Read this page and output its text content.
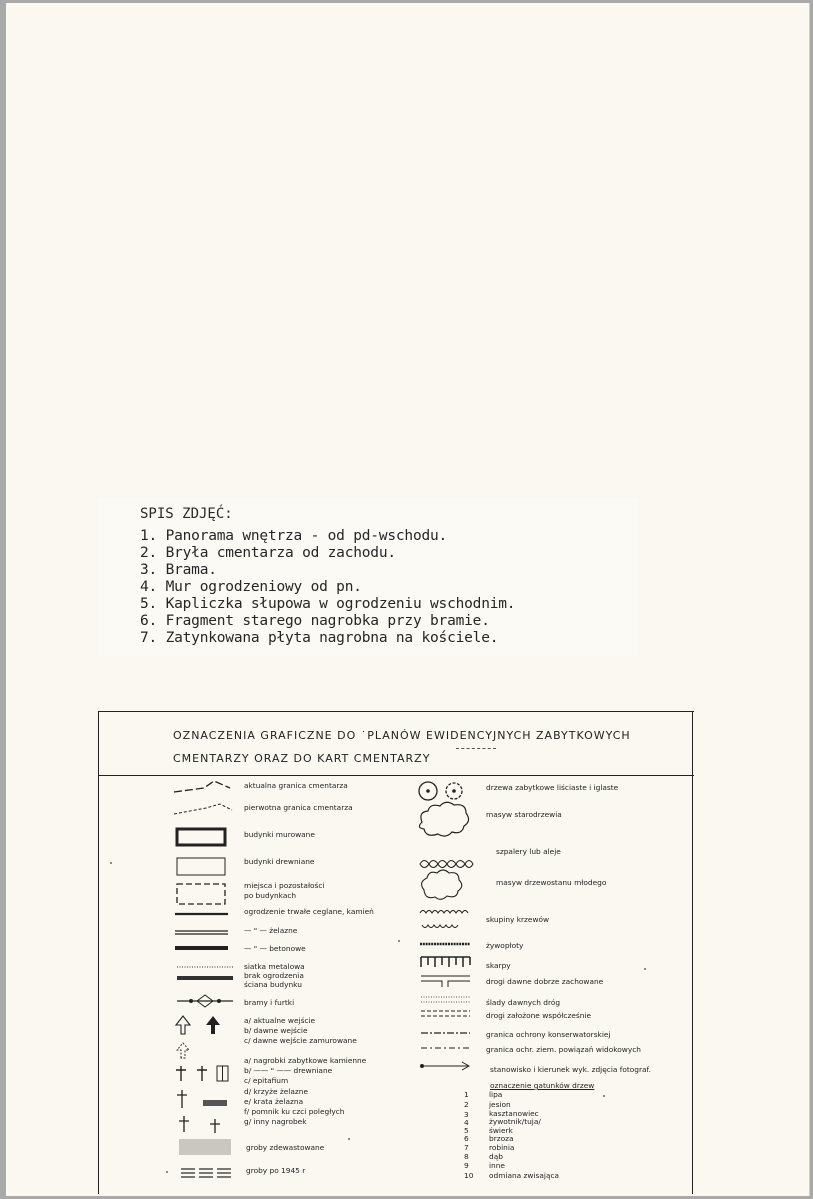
SPIS ZDJĘĆ:
1. Panorama wnętrza - od pd-wschodu.
2. Bryła cmentarza od zachodu.
3. Brama.
4. Mur ogrodzeniowy od pn.
5. Kapliczka słupowa w ogrodzeniu wschodnim.
6. Fragment starego nagrobka przy bramie.
7. Zatynkowana płyta nagrobna na kościele.
OZNACZENIA GRAFICZNE DO ˙PLANÓW EWIDENCYJNYCH ZABYTKOWYCH
CMENTARZY ORAZ DO KART CMENTARZY
aktualna granica cmentarza
pierwotna granica cmentarza
budynki murowane
budynki drewniane
miejsca i pozostałości
po budynkach
ogrodzenie trwałe ceglane, kamień
— " — żelazne
— " — betonowe
siatka metalowa
brak ogrodzenia
ściana budynku
bramy i furtki
a/ aktualne wejście
b/ dawne wejście
c/ dawne wejście zamurowane
a/ nagrobki zabytkowe kamienne
b/ —— " —— drewniane
c/ epitafium
d/ krzyże żelazne
e/ krata żelazna
f/ pomnik ku czci poległych
g/ inny nagrobek
groby zdewastowane
groby po 1945 r
drzewa zabytkowe liściaste i iglaste
masyw starodrzewia
szpalery lub aleje
masyw drzewostanu młodego
skupiny krzewów
żywopłoty
skarpy
drogi dawne dobrze zachowane
ślady dawnych dróg
drogi założone współcześnie
granica ochrony konserwatorskiej
granica ochr. ziem. powiązań widokowych
stanowisko i kierunek wyk. zdjęcia fotograf.
oznaczenie gatunków drzew
1
2
3
4
5
6
7
8
9
10
lipa
jesion
kasztanowiec
żywotnik/tuja/
świerk
brzoza
robinia
dąb
inne
odmiana zwisająca
